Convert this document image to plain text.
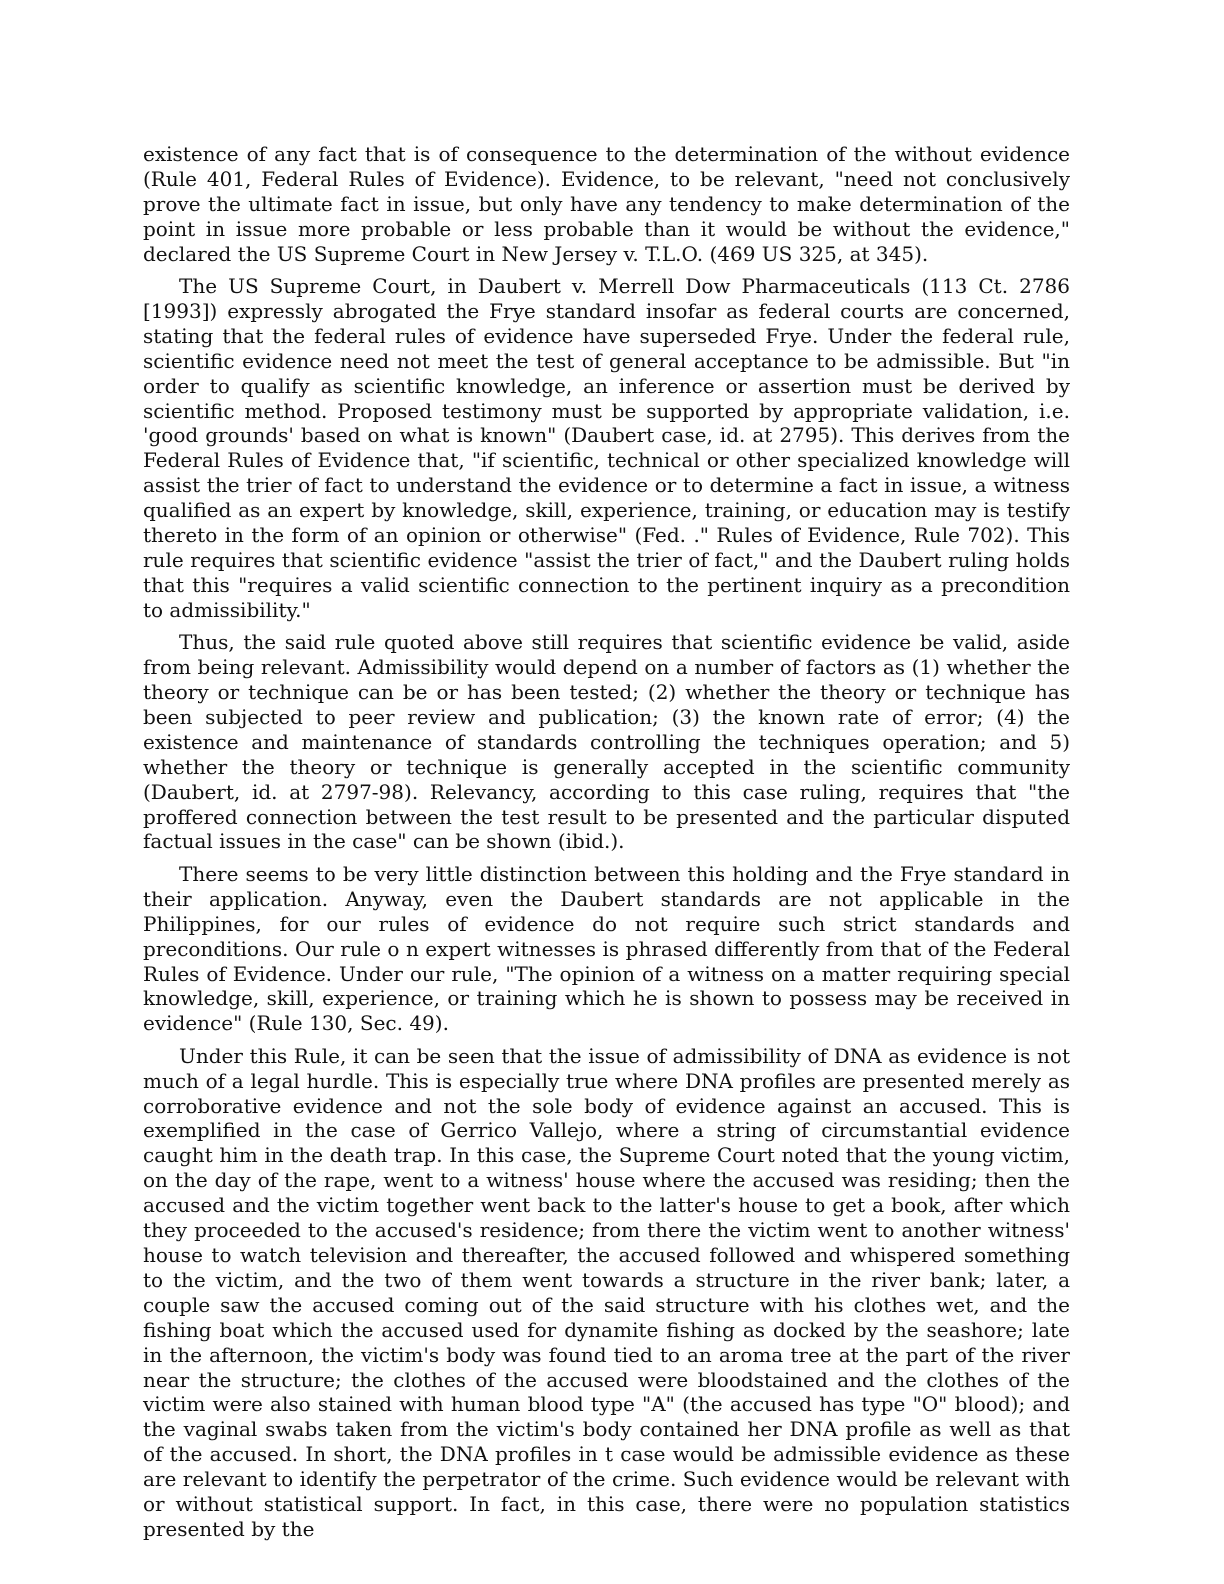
existence of any fact that is of consequence to the determination of the without evidence (Rule 401, Federal Rules of Evidence). Evidence, to be relevant, "need not conclusively prove the ultimate fact in issue, but only have any tendency to make determination of the point in issue more probable or less probable than it would be without the evidence," declared the US Supreme Court in New Jersey v. T.L.O. (469 US 325, at 345).

The US Supreme Court, in Daubert v. Merrell Dow Pharmaceuticals (113 Ct. 2786 [1993]) expressly abrogated the Frye standard insofar as federal courts are concerned, stating that the federal rules of evidence have superseded Frye. Under the federal rule, scientific evidence need not meet the test of general acceptance to be admissible. But "in order to qualify as scientific knowledge, an inference or assertion must be derived by scientific method. Proposed testimony must be supported by appropriate validation, i.e. 'good grounds' based on what is known" (Daubert case, id. at 2795). This derives from the Federal Rules of Evidence that, "if scientific, technical or other specialized knowledge will assist the trier of fact to understand the evidence or to determine a fact in issue, a witness qualified as an expert by knowledge, skill, experience, training, or education may is testify thereto in the form of an opinion or otherwise" (Fed. ." Rules of Evidence, Rule 702). This rule requires that scientific evidence "assist the trier of fact," and the Daubert ruling holds that this "requires a valid scientific connection to the pertinent inquiry as a precondition to admissibility."

Thus, the said rule quoted above still requires that scientific evidence be valid, aside from being relevant. Admissibility would depend on a number of factors as (1) whether the theory or technique can be or has been tested; (2) whether the theory or technique has been subjected to peer review and publication; (3) the known rate of error; (4) the existence and maintenance of standards controlling the techniques operation; and 5) whether the theory or technique is generally accepted in the scientific community (Daubert, id. at 2797-98). Relevancy, according to this case ruling, requires that "the proffered connection between the test result to be presented and the particular disputed factual issues in the case" can be shown (ibid.).

There seems to be very little distinction between this holding and the Frye standard in their application. Anyway, even the Daubert standards are not applicable in the Philippines, for our rules of evidence do not require such strict standards and preconditions. Our rule o n expert witnesses is phrased differently from that of the Federal Rules of Evidence. Under our rule, "The opinion of a witness on a matter requiring special knowledge, skill, experience, or training which he is shown to possess may be received in evidence" (Rule 130, Sec. 49).

Under this Rule, it can be seen that the issue of admissibility of DNA as evidence is not much of a legal hurdle. This is especially true where DNA profiles are presented merely as corroborative evidence and not the sole body of evidence against an accused. This is exemplified in the case of Gerrico Vallejo, where a string of circumstantial evidence caught him in the death trap. In this case, the Supreme Court noted that the young victim, on the day of the rape, went to a witness' house where the accused was residing; then the accused and the victim together went back to the latter's house to get a book, after which they proceeded to the accused's residence; from there the victim went to another witness' house to watch television and thereafter, the accused followed and whispered something to the victim, and the two of them went towards a structure in the river bank; later, a couple saw the accused coming out of the said structure with his clothes wet, and the fishing boat which the accused used for dynamite fishing as docked by the seashore; late in the afternoon, the victim's body was found tied to an aroma tree at the part of the river near the structure; the clothes of the accused were bloodstained and the clothes of the victim were also stained with human blood type "A" (the accused has type "O" blood); and the vaginal swabs taken from the victim's body contained her DNA profile as well as that of the accused. In short, the DNA profiles in t case would be admissible evidence as these are relevant to identify the perpetrator of the crime. Such evidence would be relevant with or without statistical support. In fact, in this case, there were no population statistics presented by the
